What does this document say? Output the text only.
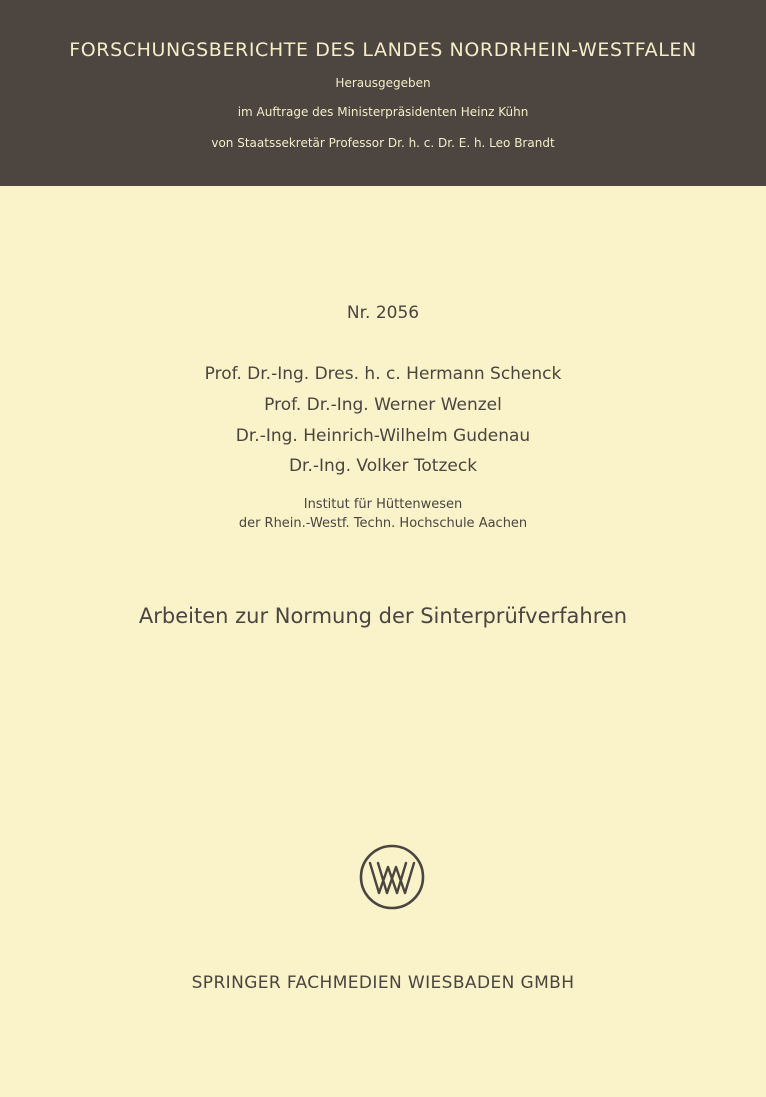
FORSCHUNGSBERICHTE DES LANDES NORDRHEIN-WESTFALEN
Herausgegeben
im Auftrage des Ministerpräsidenten Heinz Kühn
von Staatssekretär Professor Dr. h. c. Dr. E. h. Leo Brandt
Nr. 2056
Prof. Dr.-Ing. Dres. h. c. Hermann Schenck
Prof. Dr.-Ing. Werner Wenzel
Dr.-Ing. Heinrich-Wilhelm Gudenau
Dr.-Ing. Volker Totzeck
Institut für Hüttenwesen
der Rhein.-Westf. Techn. Hochschule Aachen
Arbeiten zur Normung der Sinterprüfverfahren
SPRINGER FACHMEDIEN WIESBADEN GMBH
